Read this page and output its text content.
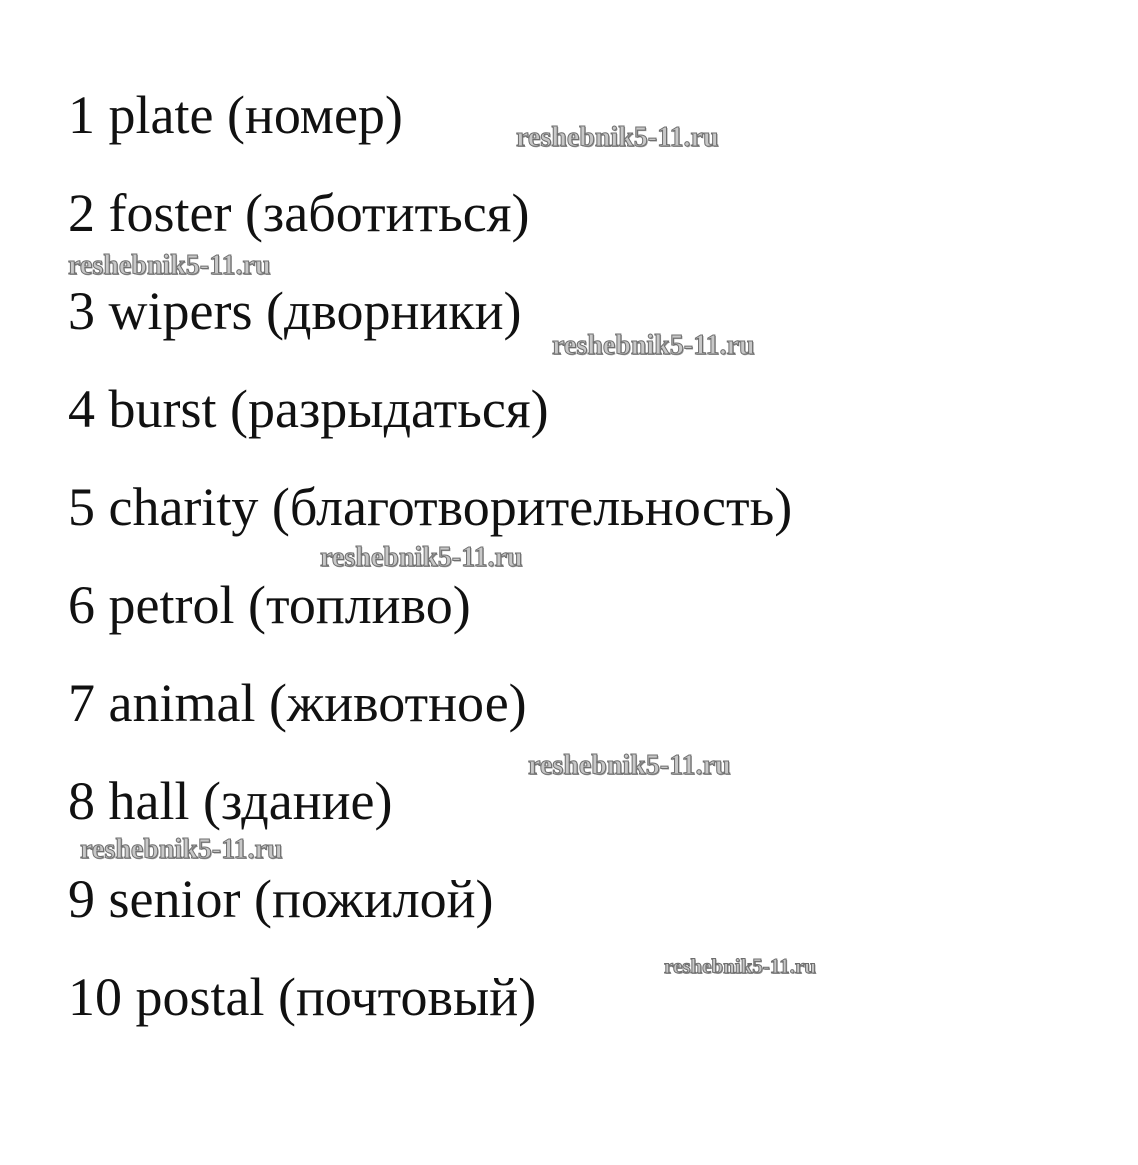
1 plate (номер)
2 foster (заботиться)
3 wipers (дворники)
4 burst (разрыдаться)
5 charity (благотворительность)
6 petrol (топливо)
7 animal (животное)
8 hall (здание)
9 senior (пожилой)
10 postal (почтовый)
reshebnik5-11.ru
reshebnik5-11.ru
reshebnik5-11.ru
reshebnik5-11.ru
reshebnik5-11.ru
reshebnik5-11.ru
reshebnik5-11.ru
